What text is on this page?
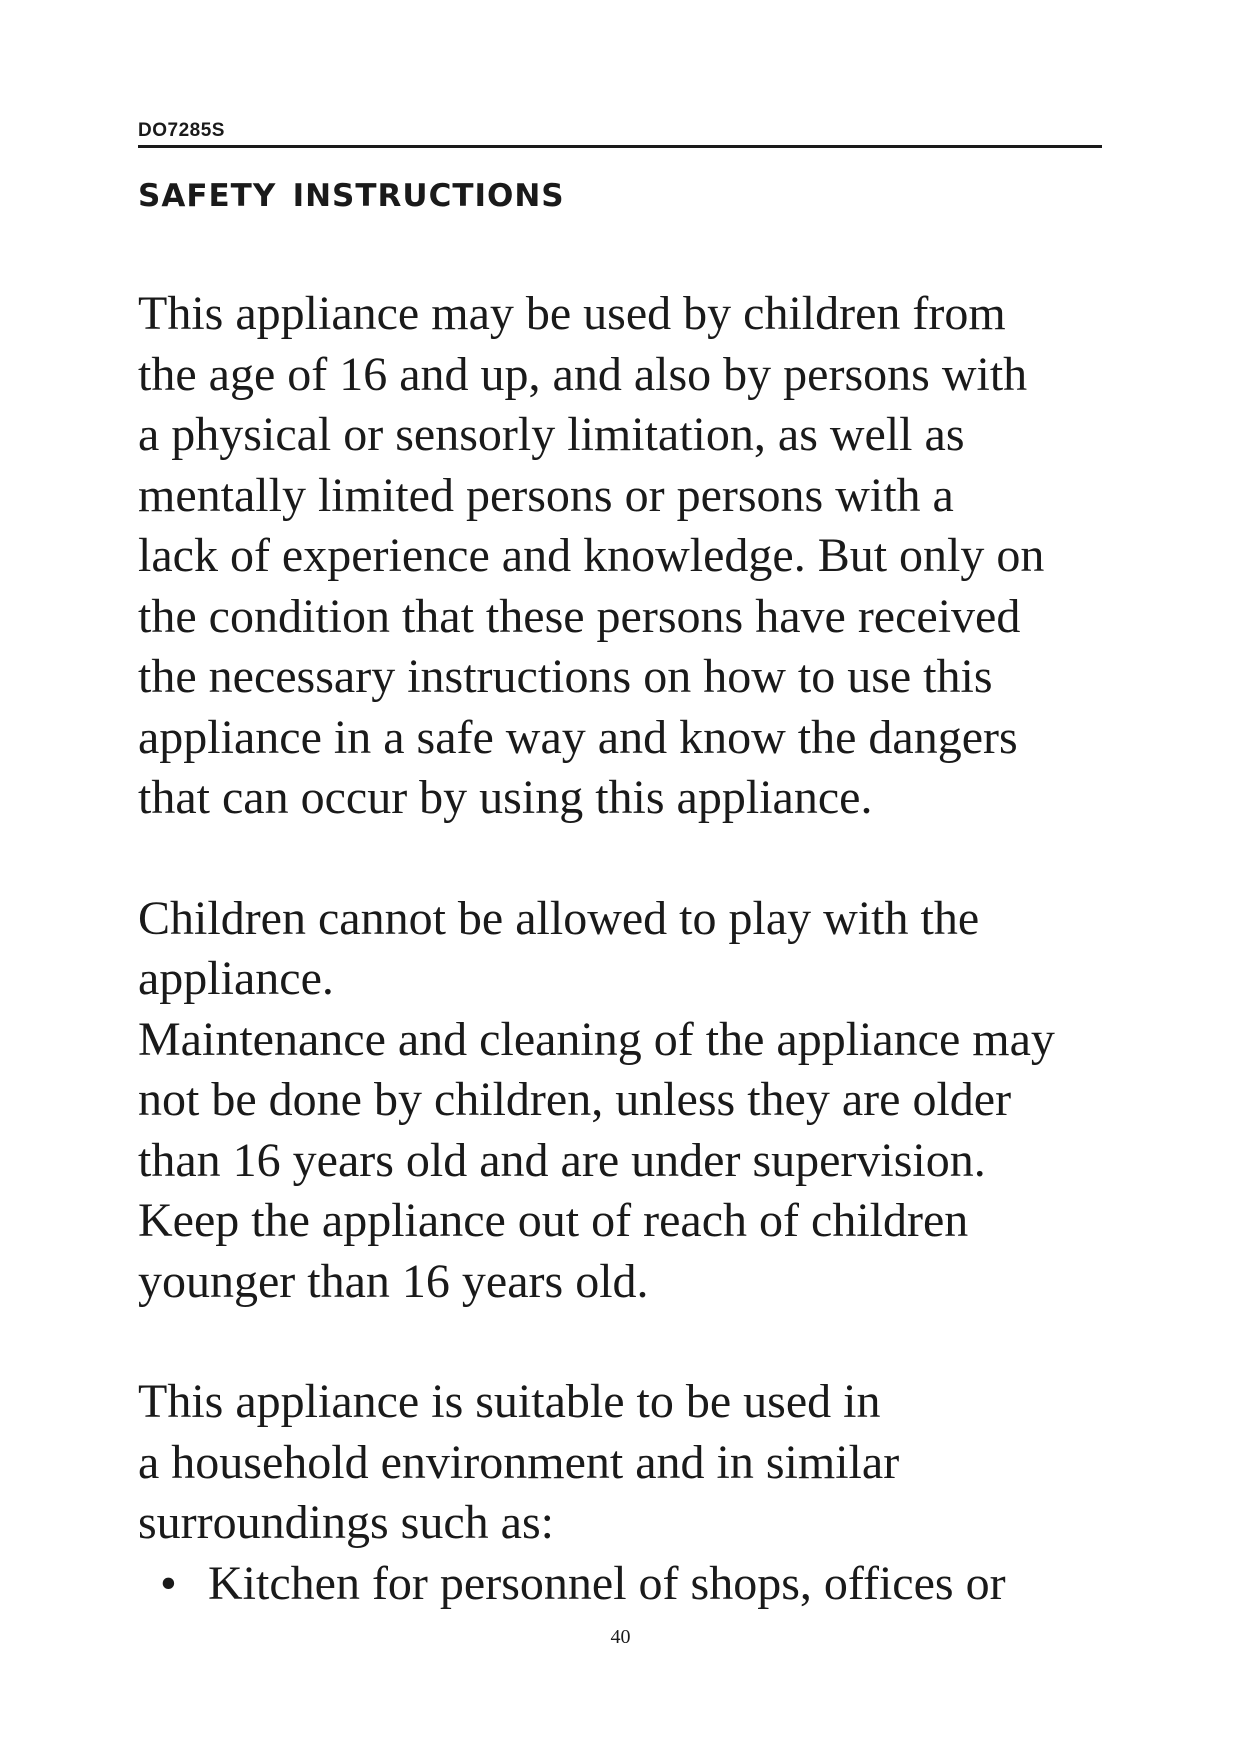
DO7285S
safety instructions

This appliance may be used by children from
the age of 16 and up, and also by persons with
a physical or sensorly limitation, as well as
mentally limited persons or persons with a
lack of experience and knowledge. But only on
the condition that these persons have received
the necessary instructions on how to use this
appliance in a safe way and know the dangers
that can occur by using this appliance.

Children cannot be allowed to play with the
appliance.
Maintenance and cleaning of the appliance may
not be done by children, unless they are older
than 16 years old and are under supervision.
Keep the appliance out of reach of children
younger than 16 years old.

This appliance is suitable to be used in
a household environment and in similar
surroundings such as:

• Kitchen for personnel of shops, offices or
40
